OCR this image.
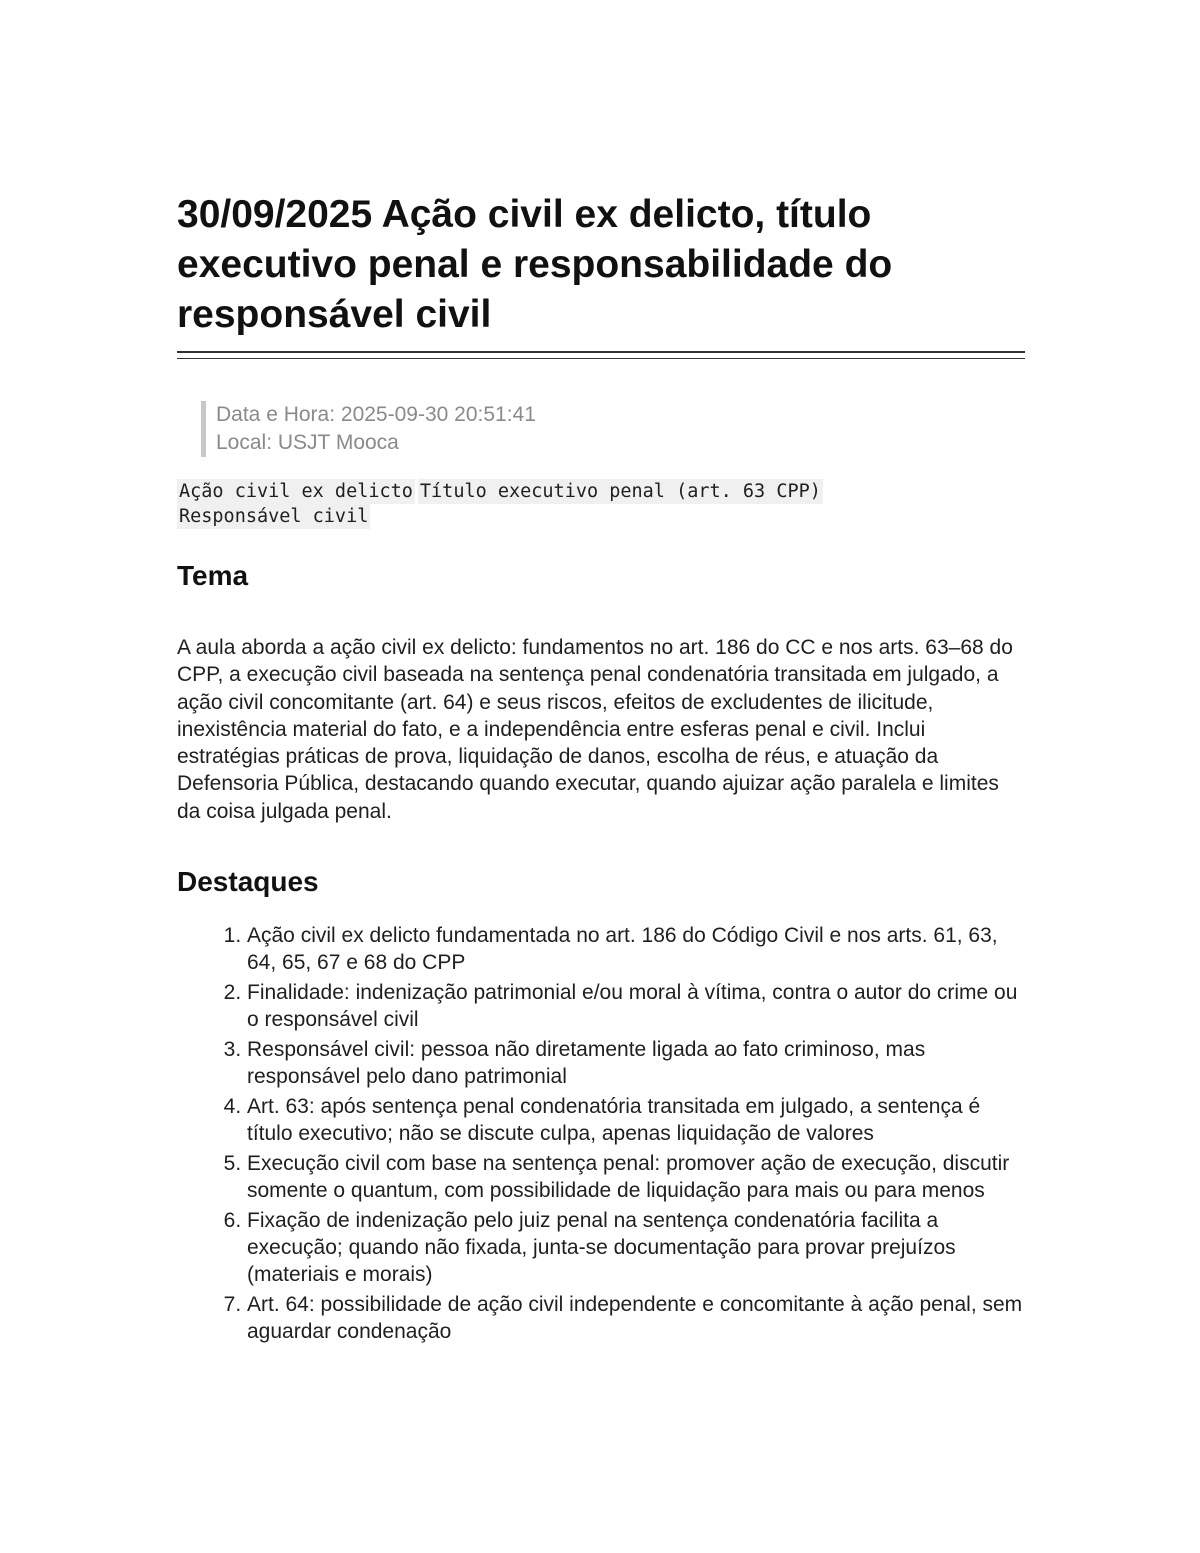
30/09/2025 Ação civil ex delicto, título executivo penal e responsabilidade do responsável civil
Data e Hora: 2025-09-30 20:51:41
Local: USJT Mooca
Ação civil ex delicto Título executivo penal (art. 63 CPP)
Responsável civil
Tema

A aula aborda a ação civil ex delicto: fundamentos no art. 186 do CC e nos arts. 63–68 do CPP, a execução civil baseada na sentença penal condenatória transitada em julgado, a ação civil concomitante (art. 64) e seus riscos, efeitos de excludentes de ilicitude, inexistência material do fato, e a independência entre esferas penal e civil. Inclui estratégias práticas de prova, liquidação de danos, escolha de réus, e atuação da Defensoria Pública, destacando quando executar, quando ajuizar ação paralela e limites da coisa julgada penal.

Destaques
1. Ação civil ex delicto fundamentada no art. 186 do Código Civil e nos arts. 61, 63, 64, 65, 67 e 68 do CPP
2. Finalidade: indenização patrimonial e/ou moral à vítima, contra o autor do crime ou o responsável civil
3. Responsável civil: pessoa não diretamente ligada ao fato criminoso, mas responsável pelo dano patrimonial
4. Art. 63: após sentença penal condenatória transitada em julgado, a sentença é título executivo; não se discute culpa, apenas liquidação de valores
5. Execução civil com base na sentença penal: promover ação de execução, discutir somente o quantum, com possibilidade de liquidação para mais ou para menos
6. Fixação de indenização pelo juiz penal na sentença condenatória facilita a execução; quando não fixada, junta-se documentação para provar prejuízos (materiais e morais)
7. Art. 64: possibilidade de ação civil independente e concomitante à ação penal, sem aguardar condenação
